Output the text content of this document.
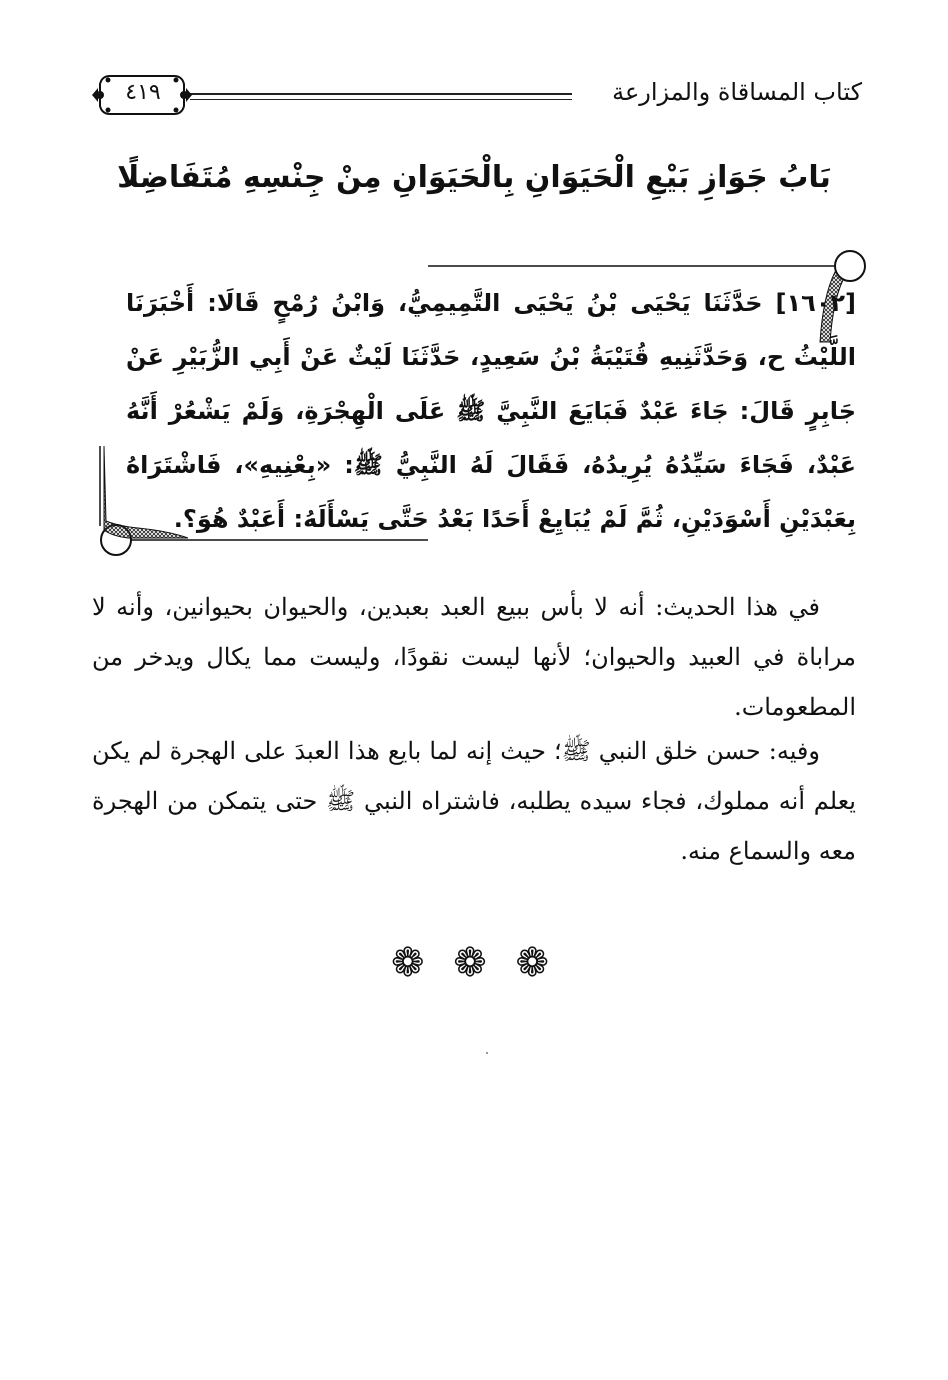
كتاب المساقاة والمزارعة
٤١٩
بَابُ جَوَازِ بَيْعِ الْحَيَوَانِ بِالْحَيَوَانِ مِنْ جِنْسِهِ مُتَفَاضِلًا
[١٦٠٢] حَدَّثَنَا يَحْيَى بْنُ يَحْيَى التَّمِيمِيُّ، وَابْنُ رُمْحٍ قَالَا: أَخْبَرَنَا اللَّيْثُ ح، وَحَدَّثَنِيهِ قُتَيْبَةُ بْنُ سَعِيدٍ، حَدَّثَنَا لَيْثٌ عَنْ أَبِي الزُّبَيْرِ عَنْ جَابِرٍ قَالَ: جَاءَ عَبْدٌ فَبَايَعَ النَّبِيَّ ﷺ عَلَى الْهِجْرَةِ، وَلَمْ يَشْعُرْ أَنَّهُ عَبْدٌ، فَجَاءَ سَيِّدُهُ يُرِيدُهُ، فَقَالَ لَهُ النَّبِيُّ ﷺ: «بِعْنِيهِ»، فَاشْتَرَاهُ بِعَبْدَيْنِ أَسْوَدَيْنِ، ثُمَّ لَمْ يُبَايِعْ أَحَدًا بَعْدُ حَتَّى يَسْأَلَهُ: أَعَبْدٌ هُوَ؟.

في هذا الحديث: أنه لا بأس ببيع العبد بعبدين، والحيوان بحيوانين، وأنه لا مراباة في العبيد والحيوان؛ لأنها ليست نقودًا، وليست مما يكال ويدخر من المطعومات.

وفيه: حسن خلق النبي ﷺ؛ حيث إنه لما بايع هذا العبدَ على الهجرة لم يكن يعلم أنه مملوك، فجاء سيده يطلبه، فاشتراه النبي ﷺ حتى يتمكن من الهجرة معه والسماع منه.

❁ ❁ ❁
